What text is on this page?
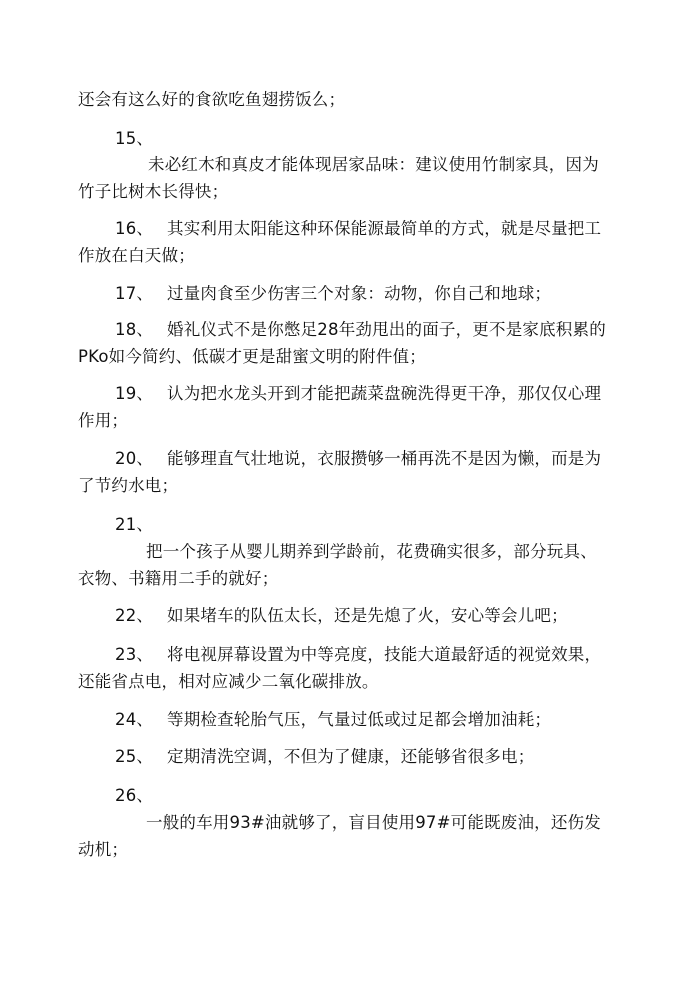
还会有这么好的食欲吃鱼翅捞饭么；
15、
未必红木和真皮才能体现居家品味：建议使用竹制家具，因为
竹子比树木长得快；
16、 其实利用太阳能这种环保能源最简单的方式，就是尽量把工
作放在白天做；
17、 过量肉食至少伤害三个对象：动物，你自己和地球；
18、 婚礼仪式不是你憋足28年劲甩出的面子，更不是家底积累的
PKo如今简约、低碳才更是甜蜜文明的附件值；
19、 认为把水龙头开到才能把蔬菜盘碗洗得更干净，那仅仅心理
作用；
20、 能够理直气壮地说，衣服攒够一桶再洗不是因为懒，而是为
了节约水电；
21、
把一个孩子从婴儿期养到学龄前，花费确实很多，部分玩具、
衣物、书籍用二手的就好；
22、 如果堵车的队伍太长，还是先熄了火，安心等会儿吧；
23、 将电视屏幕设置为中等亮度，技能大道最舒适的视觉效果，
还能省点电，相对应减少二氧化碳排放。
24、 等期检查轮胎气压，气量过低或过足都会增加油耗；
25、 定期清洗空调，不但为了健康，还能够省很多电；
26、
一般的车用93#油就够了，盲目使用97#可能既废油，还伤发
动机；
